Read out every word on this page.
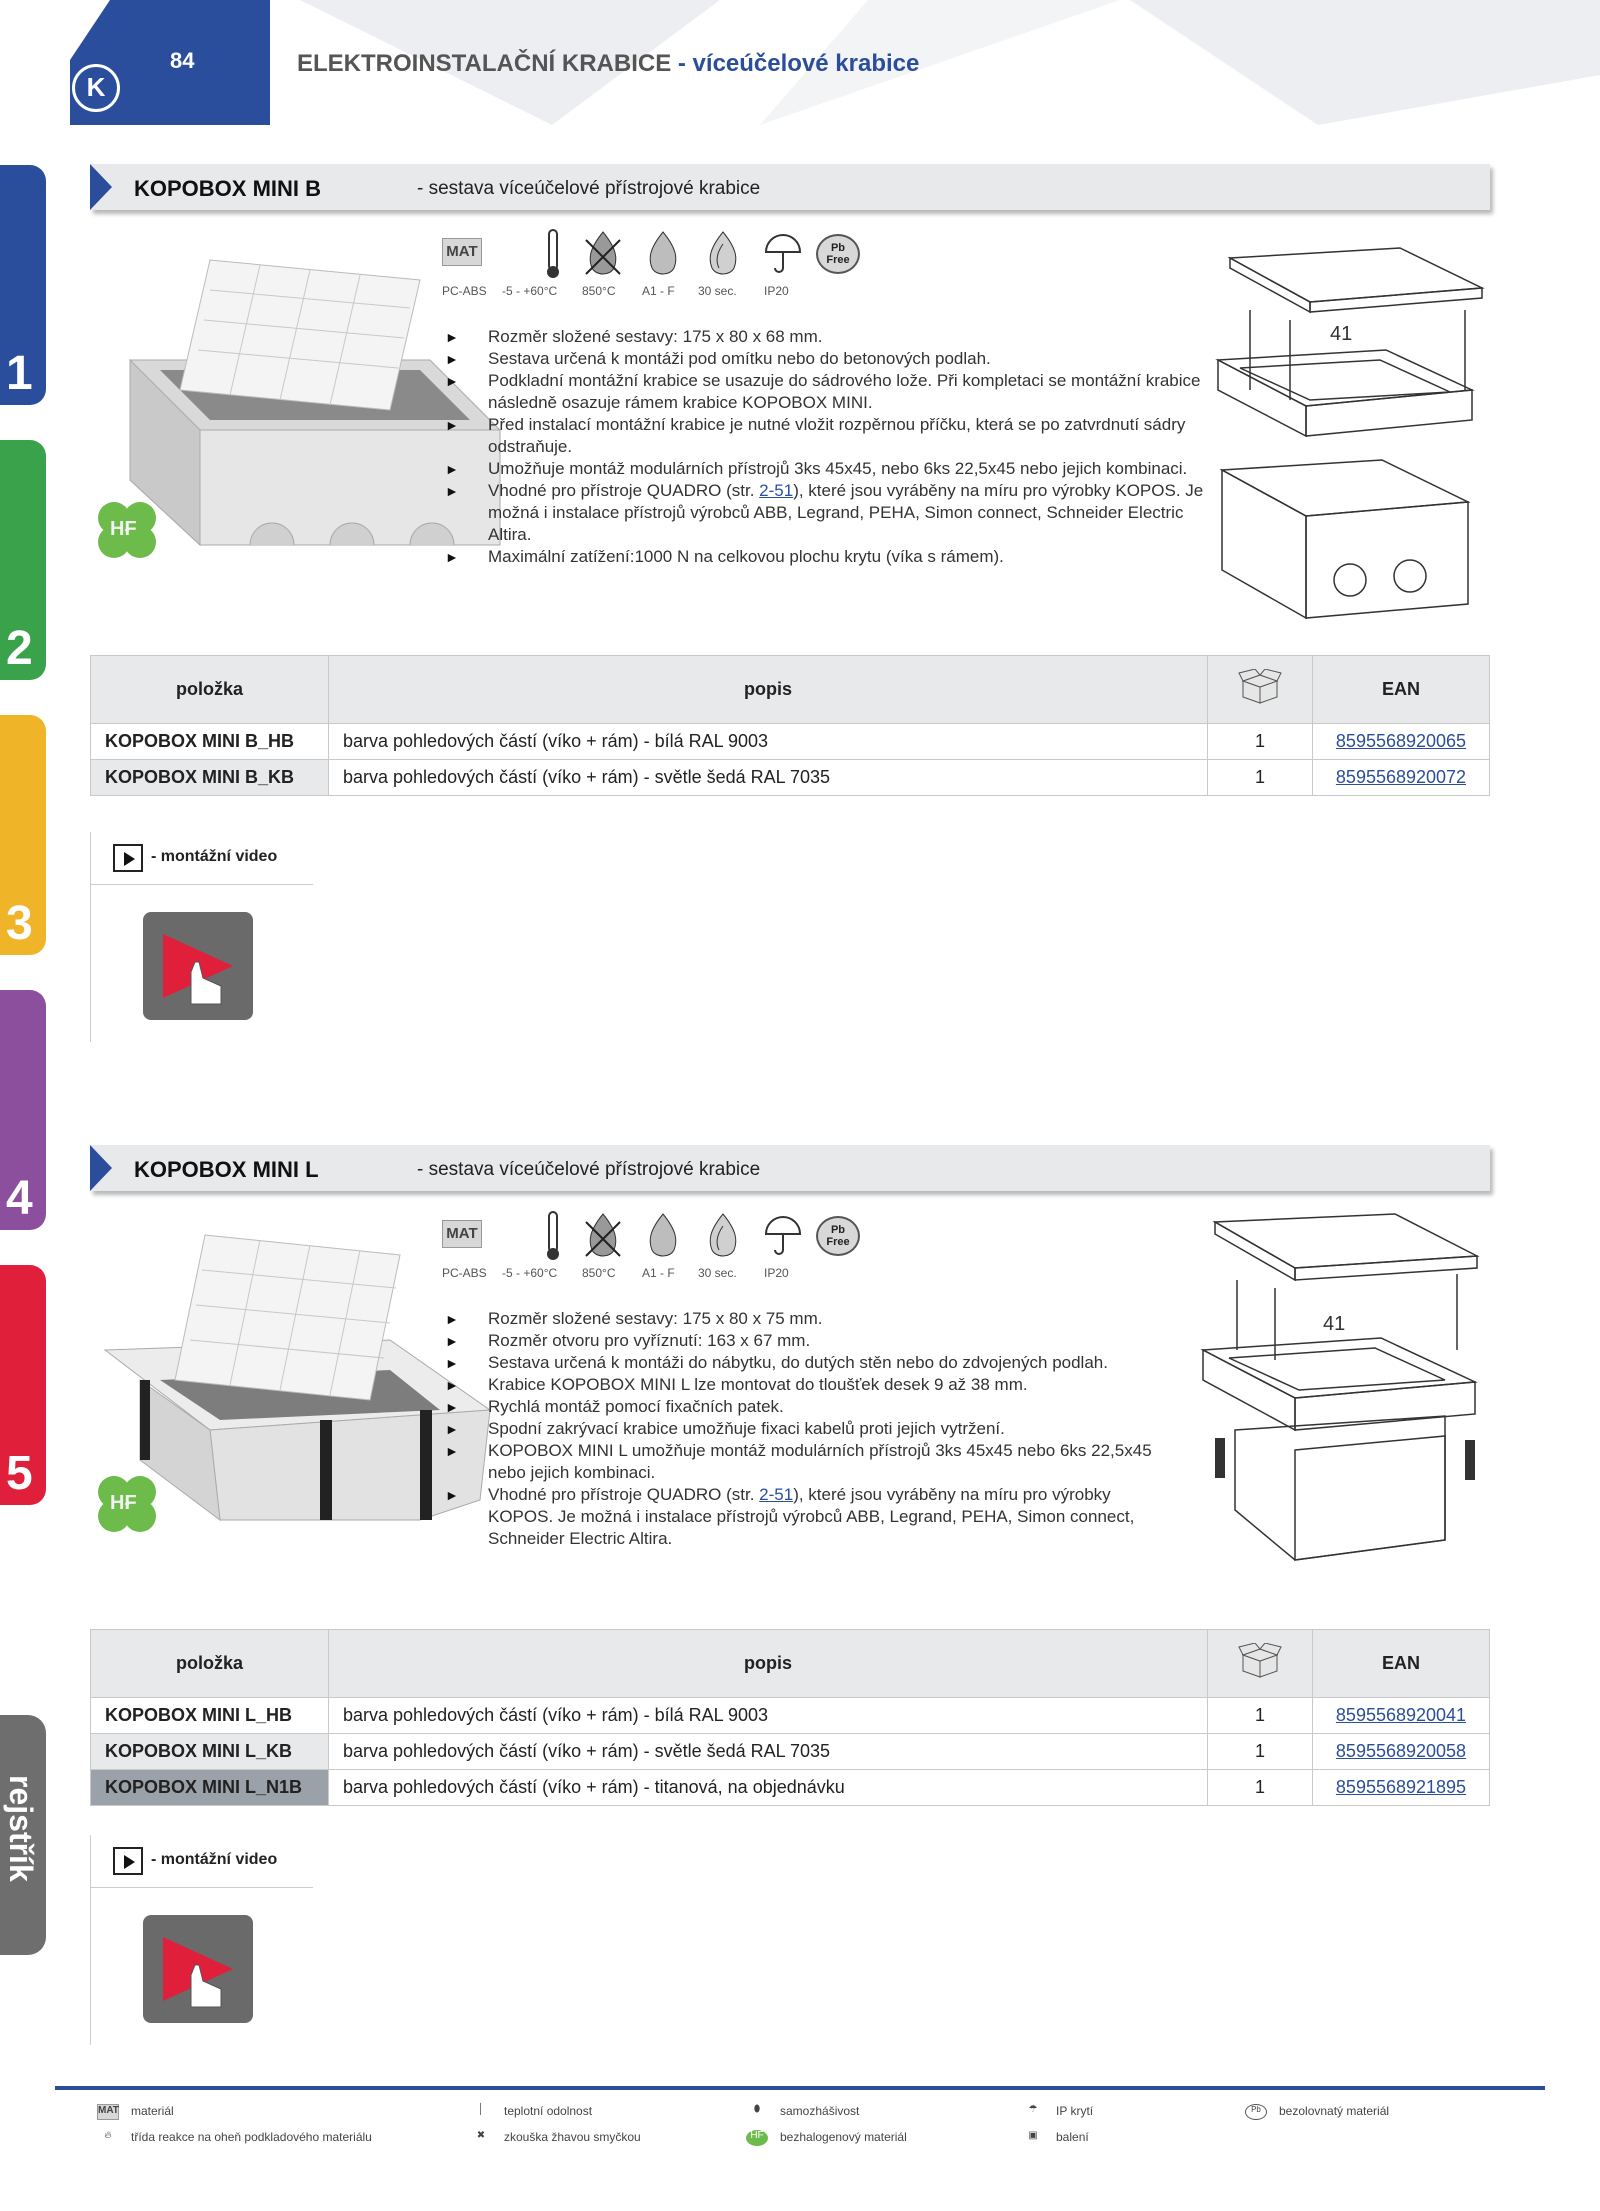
K
84	ELEKTROINSTALAČNÍ KRABICE - víceúčelové krabice
1
2
3
4
5
rejstřík
KOPOBOX MINI B	- sestava víceúčelové přístrojové krabice
HF
MAT	Pb Free
PC-ABS -5 - +60°C 850°C A1 - F 30 sec. IP20
► Rozměr složené sestavy: 175 x 80 x 68 mm.
► Sestava určená k montáži pod omítku nebo do betonových podlah.
► Podkladní montážní krabice se usazuje do sádrového lože. Při kompletaci se montážní krabice následně osazuje rámem krabice KOPOBOX MINI.
► Před instalací montážní krabice je nutné vložit rozpěrnou příčku, která se po zatvrdnutí sádry odstraňuje.
► Umožňuje montáž modulárních přístrojů 3ks 45x45, nebo 6ks 22,5x45 nebo jejich kombinaci.
► Vhodné pro přístroje QUADRO (str. 2-51), které jsou vyráběny na míru pro výrobky KOPOS. Je možná i instalace přístrojů výrobců ABB, Legrand, PEHA, Simon connect, Schneider Electric Altira.
► Maximální zatížení:1000 N na celkovou plochu krytu (víka s rámem).
41
položka	popis		EAN
KOPOBOX MINI B_HB	barva pohledových částí (víko + rám) - bílá RAL 9003	1	8595568920065
KOPOBOX MINI B_KB	barva pohledových částí (víko + rám) - světle šedá RAL 7035	1	8595568920072
- montážní video
KOPOBOX MINI L	- sestava víceúčelové přístrojové krabice
HF
MAT	Pb Free
PC-ABS -5 - +60°C 850°C A1 - F 30 sec. IP20
► Rozměr složené sestavy: 175 x 80 x 75 mm.
► Rozměr otvoru pro vyříznutí: 163 x 67 mm.
► Sestava určená k montáži do nábytku, do dutých stěn nebo do zdvojených podlah.
► Krabice KOPOBOX MINI L lze montovat do tloušťek desek 9 až 38 mm.
► Rychlá montáž pomocí fixačních patek.
► Spodní zakrývací krabice umožňuje fixaci kabelů proti jejich vytržení.
► KOPOBOX MINI L umožňuje montáž modulárních přístrojů 3ks 45x45 nebo 6ks 22,5x45 nebo jejich kombinaci.
► Vhodné pro přístroje QUADRO (str. 2-51), které jsou vyráběny na míru pro výrobky KOPOS. Je možná i instalace přístrojů výrobců ABB, Legrand, PEHA, Simon connect, Schneider Electric Altira.
41
položka	popis		EAN
KOPOBOX MINI L_HB	barva pohledových částí (víko + rám) - bílá RAL 9003	1	8595568920041
KOPOBOX MINI L_KB	barva pohledových částí (víko + rám) - světle šedá RAL 7035	1	8595568920058
KOPOBOX MINI L_N1B	barva pohledových částí (víko + rám) - titanová, na objednávku	1	8595568921895
- montážní video
MAT materiál
🔥︎ třída reakce na oheň podkladového materiálu
│ teplotní odolnost
✖ zkouška žhavou smyčkou
⬮ samozhášivost
HF bezhalogenový materiál
☂ IP krytí
▣ balení
Pb bezolovnatý materiál
